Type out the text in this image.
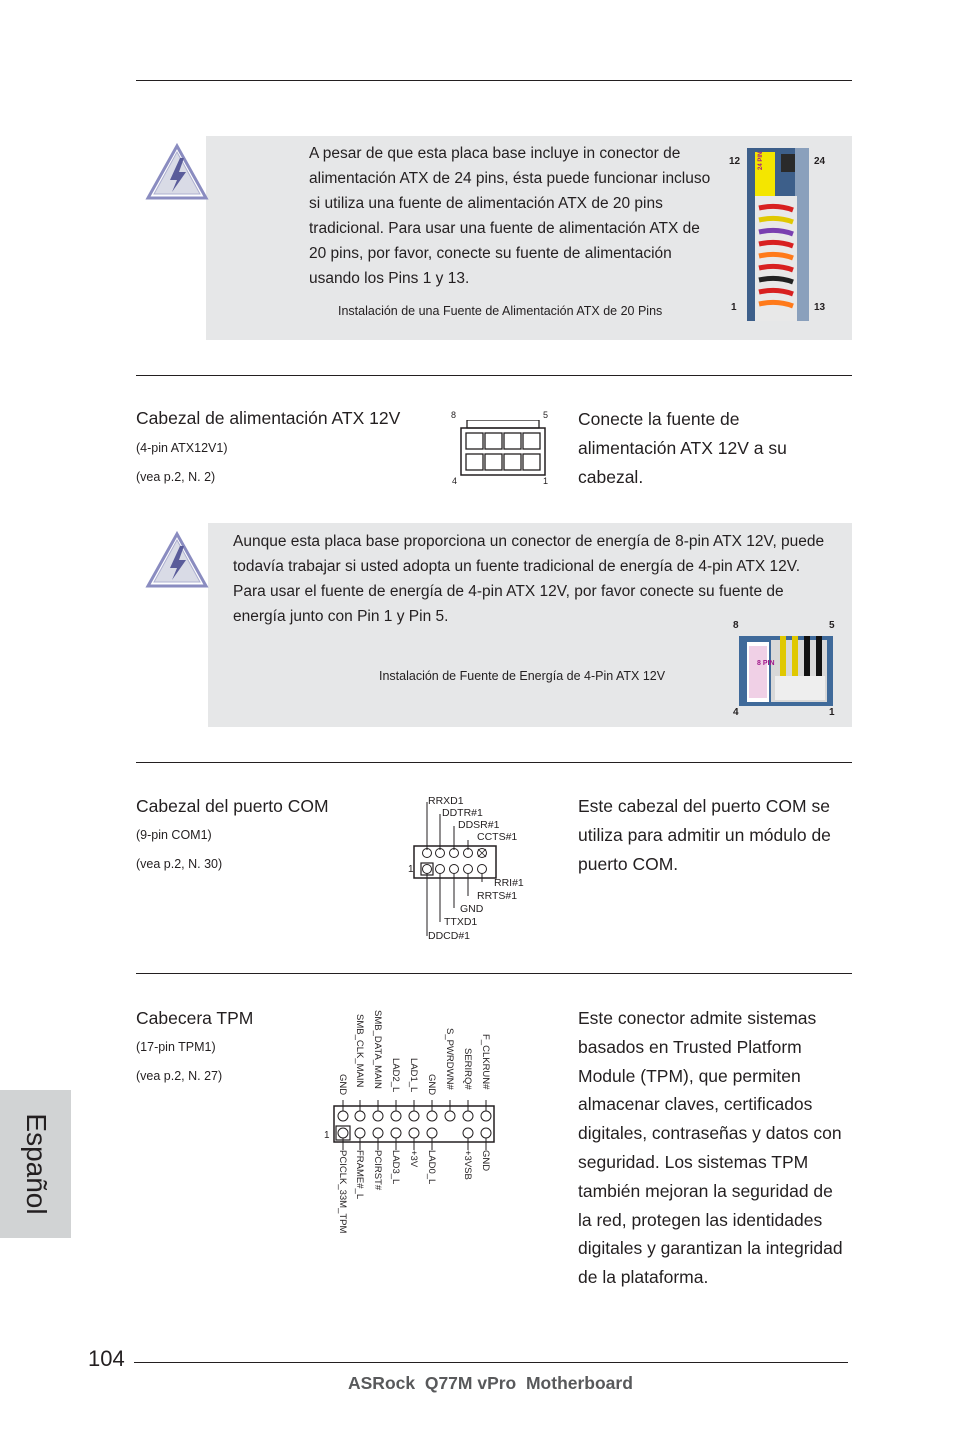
A pesar de que esta placa base incluye in conector de alimentación ATX de 24 pins, ésta puede funcionar incluso si utiliza una fuente de alimentación ATX de 20 pins tradicional. Para usar una fuente de alimentación ATX de 20 pins, por favor, conecte su fuente de alimentación usando los Pins 1 y 13.
Instalación de una Fuente de Alimentación ATX de 20 Pins
24 PIN
12	24
1	13
Cabezal de alimentación ATX 12V
(4-pin ATX12V1)
(vea p.2, N. 2)
8	5
4	1
Conecte la fuente de alimentación ATX 12V a su cabezal.
Aunque esta placa base proporciona un conector de energía de 8-pin ATX 12V, puede todavía trabajar si usted adopta un fuente tradicional de energía de 4-pin ATX 12V. Para usar el fuente de energía de 4-pin ATX 12V, por favor conecte su fuente de energía junto con Pin 1 y Pin 5.
Instalación de Fuente de Energía de 4-Pin ATX 12V
8 PIN
8	5
4	1
Cabezal del puerto COM
(9-pin COM1)
(vea p.2, N. 30)	1
RRXD1
DDTR#1
DDSR#1
CCTS#1
RRI#1
RRTS#1
GND
TTXD1
DDCD#1
Este cabezal del puerto COM se utiliza para admitir un módulo de puerto COM.
Cabecera TPM
(17-pin TPM1)
(vea p.2, N. 27)
1
GND SMB_CLK_MAIN SMB_DATA_MAIN LAD2_L LAD1_L GND S_PWRDWN# SERIRQ# F_CLKRUN#
PCICLK_33M_TPM FRAME#_L PCIRST# LAD3_L +3V LAD0_L	+3VSB GND
Este conector admite sistemas basados en Trusted Platform Module (TPM), que permiten almacenar claves, certificados digitales, contraseñas y datos con seguridad. Los sistemas TPM también mejoran la seguridad de la red, protegen las identidades digitales y garantizan la integridad de la plataforma.
Español
104
ASRock  Q77M vPro  Motherboard
